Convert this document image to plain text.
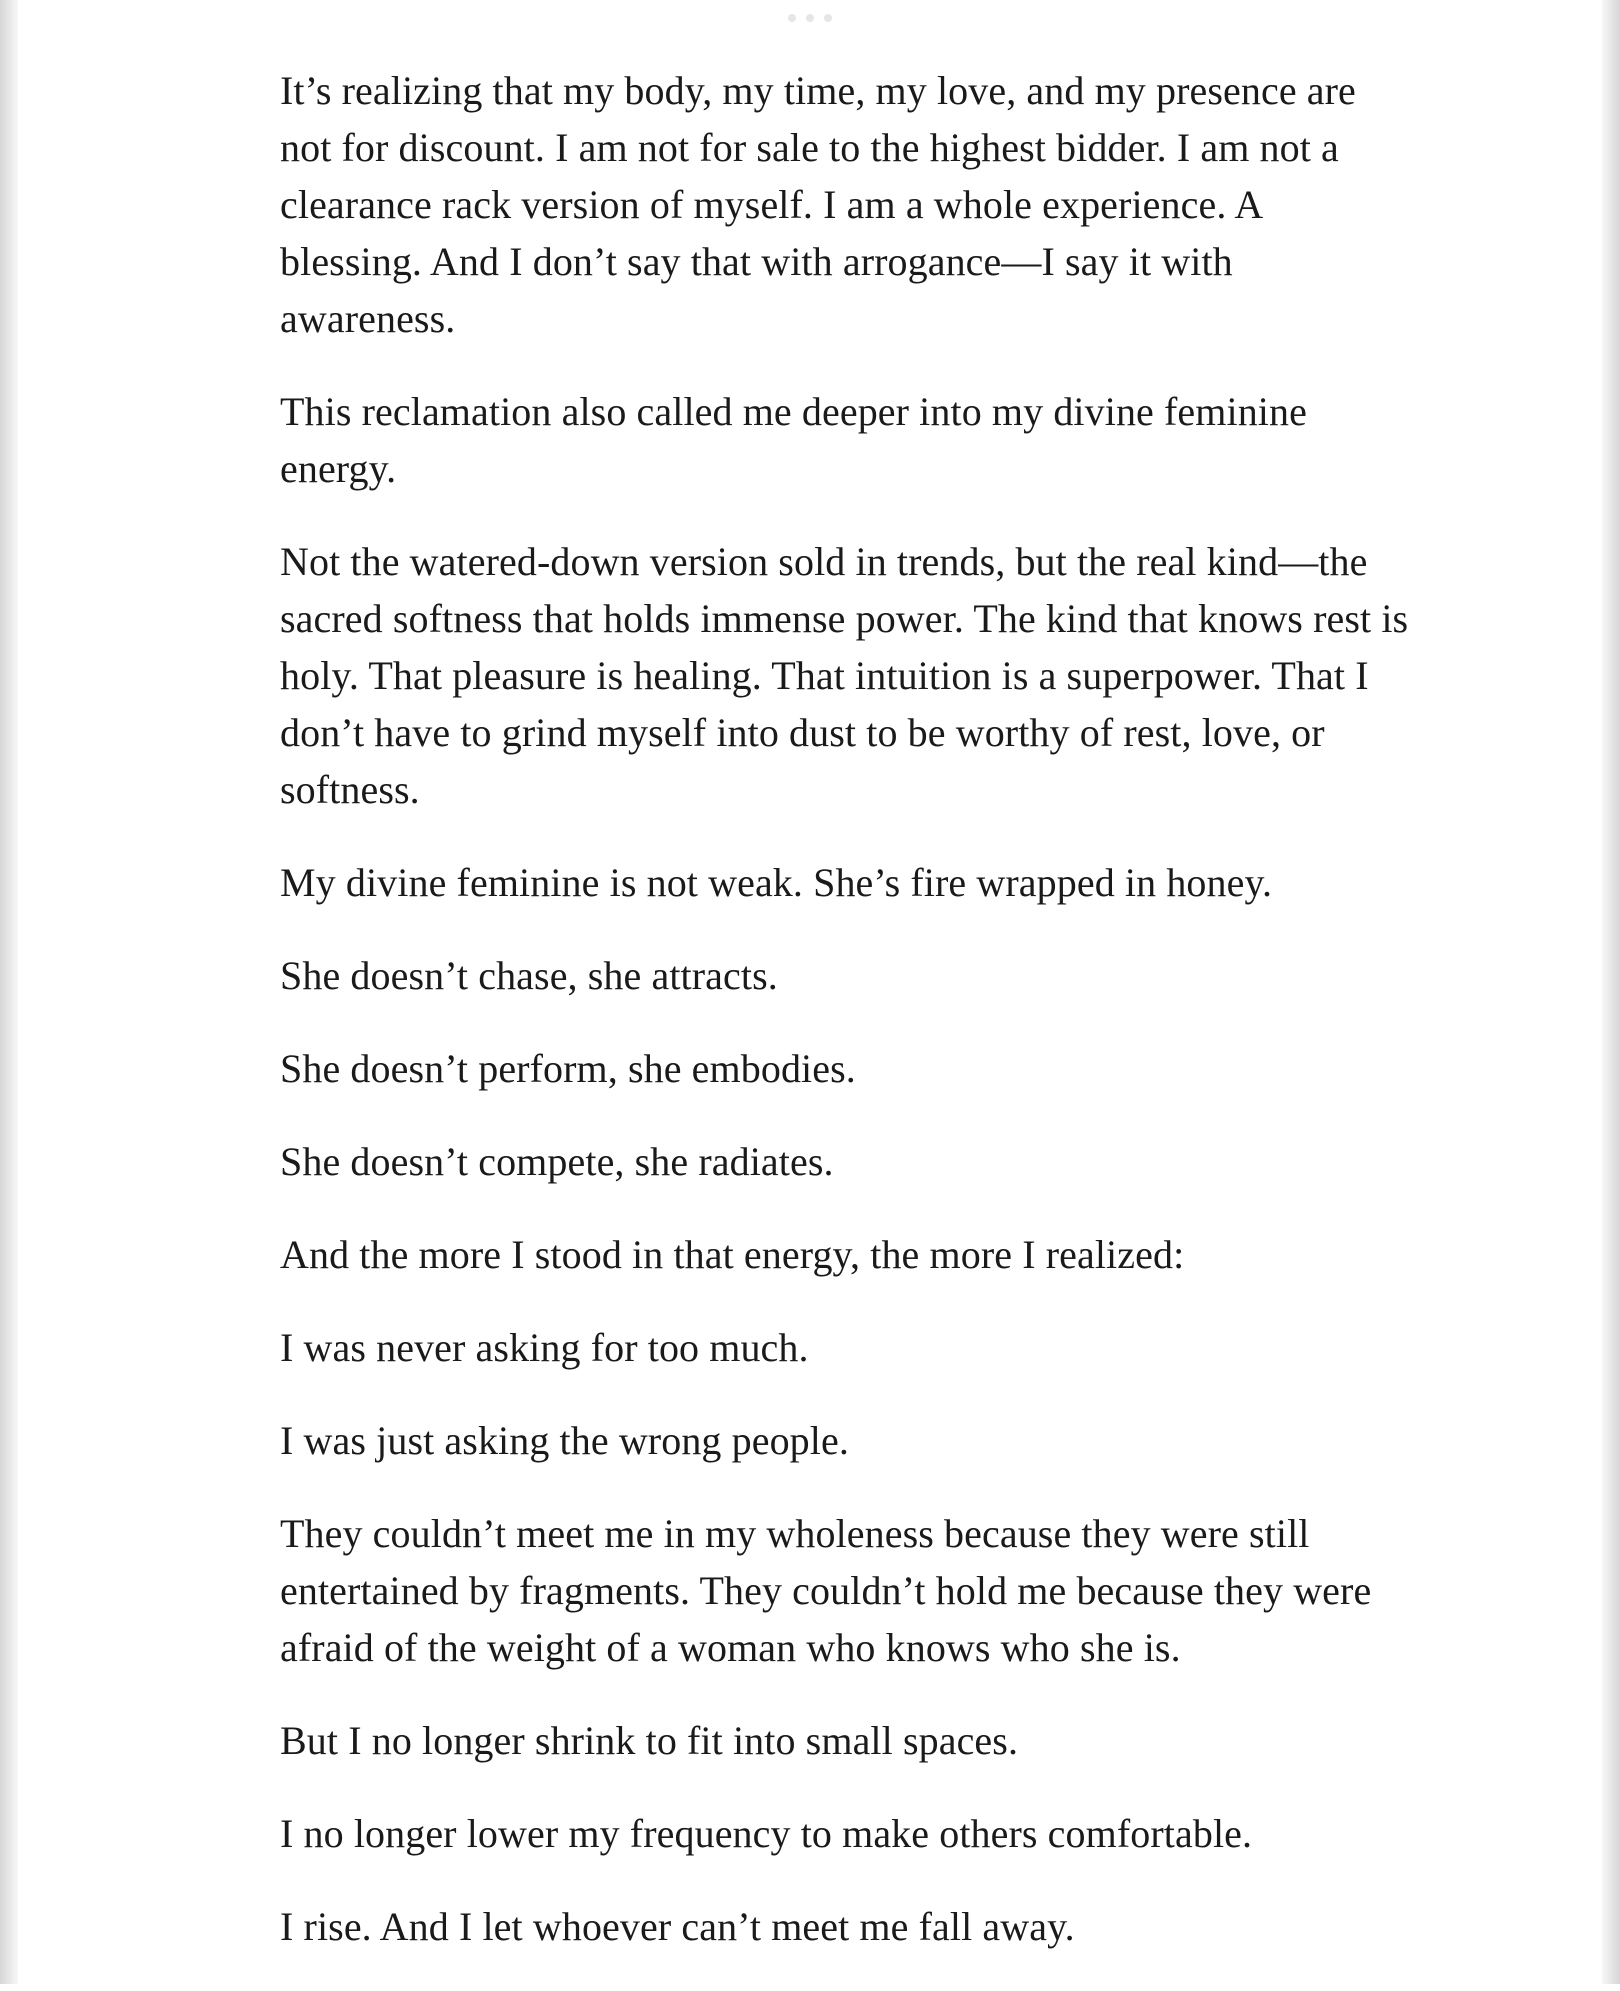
It’s realizing that my body, my time, my love, and my presence are not for discount. I am not for sale to the highest bidder. I am not a clearance rack version of myself. I am a whole experience. A blessing. And I don’t say that with arrogance—I say it with awareness.

This reclamation also called me deeper into my divine feminine energy.

Not the watered-down version sold in trends, but the real kind—the sacred softness that holds immense power. The kind that knows rest is holy. That pleasure is healing. That intuition is a superpower. That I don’t have to grind myself into dust to be worthy of rest, love, or softness.

My divine feminine is not weak. She’s fire wrapped in honey.

She doesn’t chase, she attracts.

She doesn’t perform, she embodies.

She doesn’t compete, she radiates.

And the more I stood in that energy, the more I realized:

I was never asking for too much.

I was just asking the wrong people.

They couldn’t meet me in my wholeness because they were still entertained by fragments. They couldn’t hold me because they were afraid of the weight of a woman who knows who she is.

But I no longer shrink to fit into small spaces.

I no longer lower my frequency to make others comfortable.

I rise. And I let whoever can’t meet me fall away.
